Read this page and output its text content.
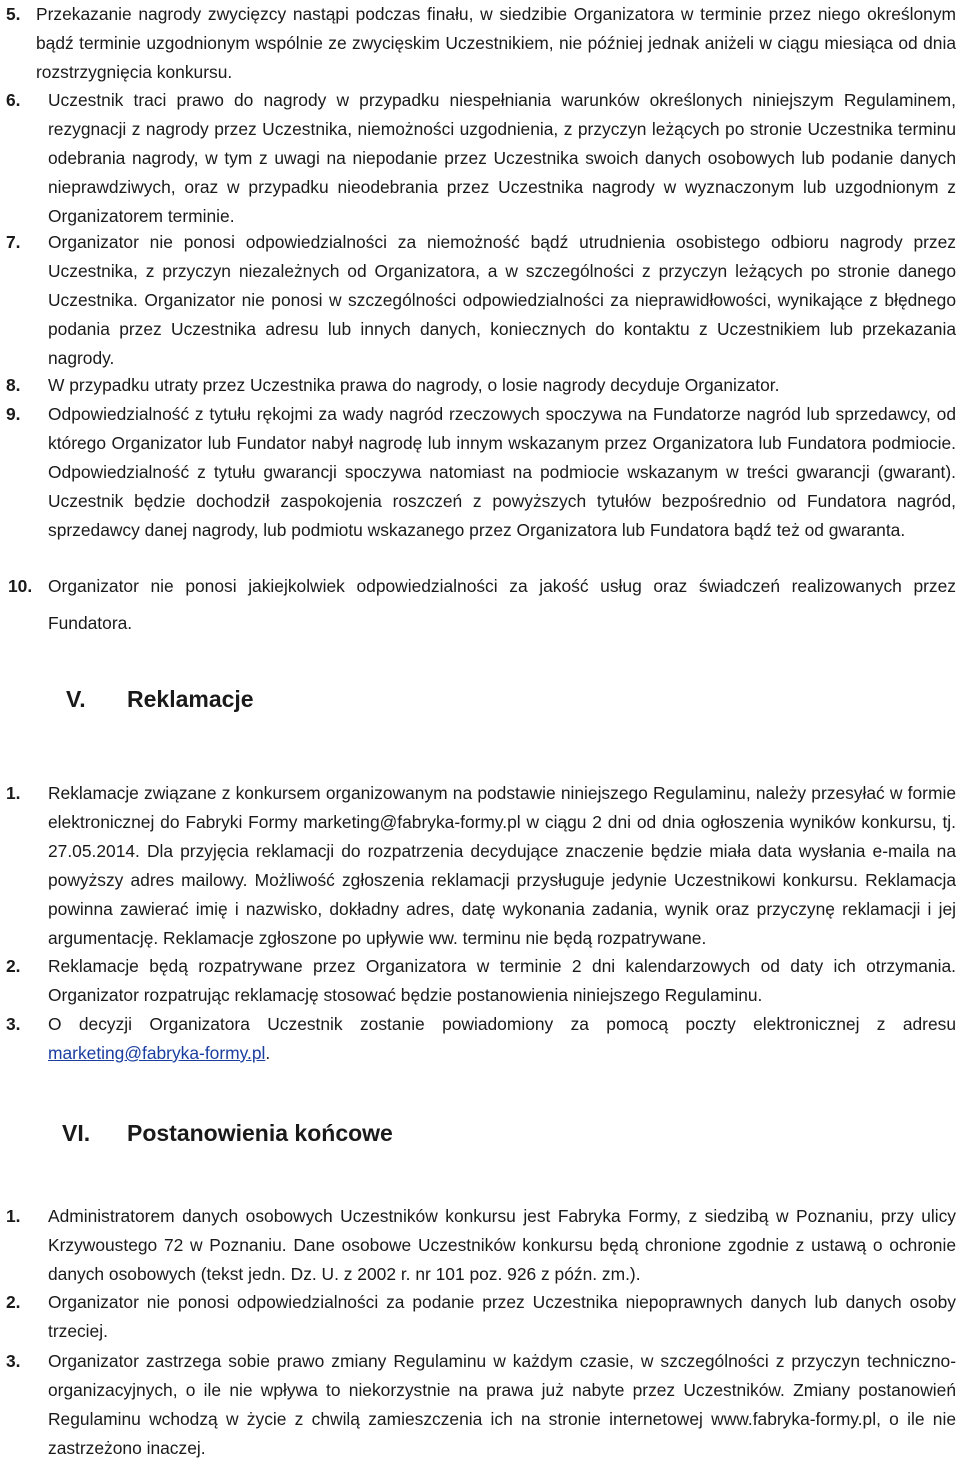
5. Przekazanie nagrody zwycięzcy nastąpi podczas finału, w siedzibie Organizatora w terminie przez niego określonym bądź terminie uzgodnionym wspólnie ze zwycięskim Uczestnikiem, nie później jednak aniżeli w ciągu miesiąca od dnia rozstrzygnięcia konkursu.
6. Uczestnik traci prawo do nagrody w przypadku niespełniania warunków określonych niniejszym Regulaminem, rezygnacji z nagrody przez Uczestnika, niemożności uzgodnienia, z przyczyn leżących po stronie Uczestnika terminu odebrania nagrody, w tym z uwagi na niepodanie przez Uczestnika swoich danych osobowych lub podanie danych nieprawdziwych, oraz w przypadku nieodebrania przez Uczestnika nagrody w wyznaczonym lub uzgodnionym z Organizatorem terminie.
7. Organizator nie ponosi odpowiedzialności za niemożność bądź utrudnienia osobistego odbioru nagrody przez Uczestnika, z przyczyn niezależnych od Organizatora, a w szczególności z przyczyn leżących po stronie danego Uczestnika. Organizator nie ponosi w szczególności odpowiedzialności za nieprawidłowości, wynikające z błędnego podania przez Uczestnika adresu lub innych danych, koniecznych do kontaktu z Uczestnikiem lub przekazania nagrody.
8. W przypadku utraty przez Uczestnika prawa do nagrody, o losie nagrody decyduje Organizator.
9. Odpowiedzialność z tytułu rękojmi za wady nagród rzeczowych spoczywa na Fundatorze nagród lub sprzedawcy, od którego Organizator lub Fundator nabył nagrodę lub innym wskazanym przez Organizatora lub Fundatora podmiocie. Odpowiedzialność z tytułu gwarancji spoczywa natomiast na podmiocie wskazanym w treści gwarancji (gwarant). Uczestnik będzie dochodził zaspokojenia roszczeń z powyższych tytułów bezpośrednio od Fundatora nagród, sprzedawcy danej nagrody, lub podmiotu wskazanego przez Organizatora lub Fundatora bądź też od gwaranta.
10. Organizator nie ponosi jakiejkolwiek odpowiedzialności za jakość usług oraz świadczeń realizowanych przez
Fundatora.
V. Reklamacje
1. Reklamacje związane z konkursem organizowanym na podstawie niniejszego Regulaminu, należy przesyłać w formie elektronicznej do Fabryki Formy marketing@fabryka-formy.pl w ciągu 2 dni od dnia ogłoszenia wyników konkursu, tj. 27.05.2014. Dla przyjęcia reklamacji do rozpatrzenia decydujące znaczenie będzie miała data wysłania e-maila na powyższy adres mailowy. Możliwość zgłoszenia reklamacji przysługuje jedynie Uczestnikowi konkursu. Reklamacja powinna zawierać imię i nazwisko, dokładny adres, datę wykonania zadania, wynik oraz przyczynę reklamacji i jej argumentację. Reklamacje zgłoszone po upływie ww. terminu nie będą rozpatrywane.
2. Reklamacje będą rozpatrywane przez Organizatora w terminie 2 dni kalendarzowych od daty ich otrzymania. Organizator rozpatrując reklamację stosować będzie postanowienia niniejszego Regulaminu.
3. O decyzji Organizatora Uczestnik zostanie powiadomiony za pomocą poczty elektronicznej z adresu
marketing@fabryka-formy.pl.
VI. Postanowienia końcowe
1. Administratorem danych osobowych Uczestników konkursu jest Fabryka Formy, z siedzibą w Poznaniu, przy ulicy Krzywoustego 72 w Poznaniu. Dane osobowe Uczestników konkursu będą chronione zgodnie z ustawą o ochronie danych osobowych (tekst jedn. Dz. U. z 2002 r. nr 101 poz. 926 z późn. zm.).
2. Organizator nie ponosi odpowiedzialności za podanie przez Uczestnika niepoprawnych danych lub danych osoby trzeciej.
3. Organizator zastrzega sobie prawo zmiany Regulaminu w każdym czasie, w szczególności z przyczyn techniczno-organizacyjnych, o ile nie wpływa to niekorzystnie na prawa już nabyte przez Uczestników. Zmiany postanowień Regulaminu wchodzą w życie z chwilą zamieszczenia ich na stronie internetowej www.fabryka-formy.pl, o ile nie zastrzeżono inaczej.
